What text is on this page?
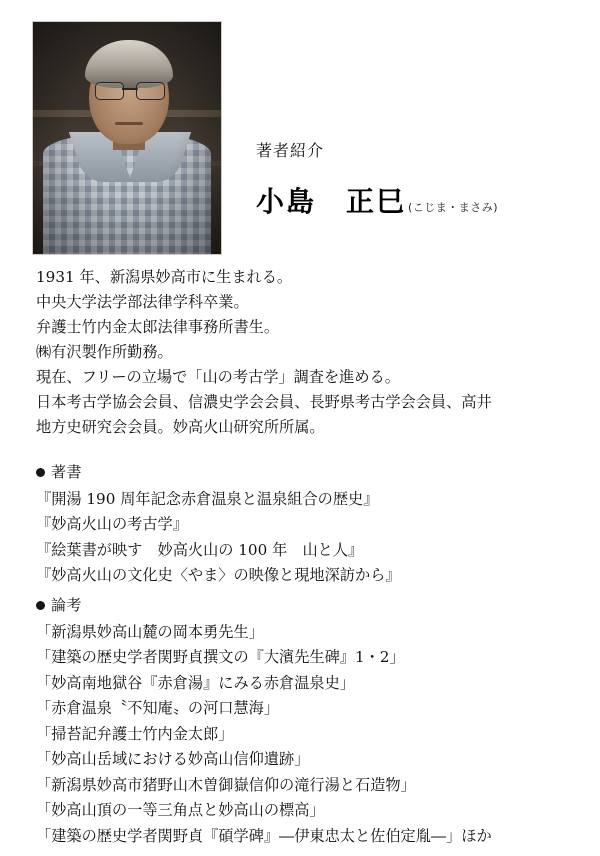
著者紹介
小島　正巳 (こじま・まさみ)

1931 年、新潟県妙高市に生まれる。

中央大学法学部法律学科卒業。

弁護士竹内金太郎法律事務所書生。

㈱有沢製作所勤務。

現在、フリーの立場で「山の考古学」調査を進める。

日本考古学協会会員、信濃史学会会員、長野県考古学会会員、高井

地方史研究会会員。妙高火山研究所所属。

著書

『開湯 190 周年記念赤倉温泉と温泉組合の歴史』

『妙高火山の考古学』

『絵葉書が映す　妙高火山の 100 年　山と人』

『妙高火山の文化史〈やま〉の映像と現地深訪から』

論考

「新潟県妙高山麓の岡本勇先生」

「建築の歴史学者関野貞撰文の『大濱先生碑』1・2」

「妙高南地獄谷『赤倉湯』にみる赤倉温泉史」

「赤倉温泉〝不知庵〟の河口慧海」

「掃苔記弁護士竹内金太郎」

「妙高山岳域における妙高山信仰遺跡」

「新潟県妙高市猪野山木曽御嶽信仰の滝行湯と石造物」

「妙高山頂の一等三角点と妙高山の標高」

「建築の歴史学者関野貞『碩学碑』―伊東忠太と佐伯定胤―」ほか
